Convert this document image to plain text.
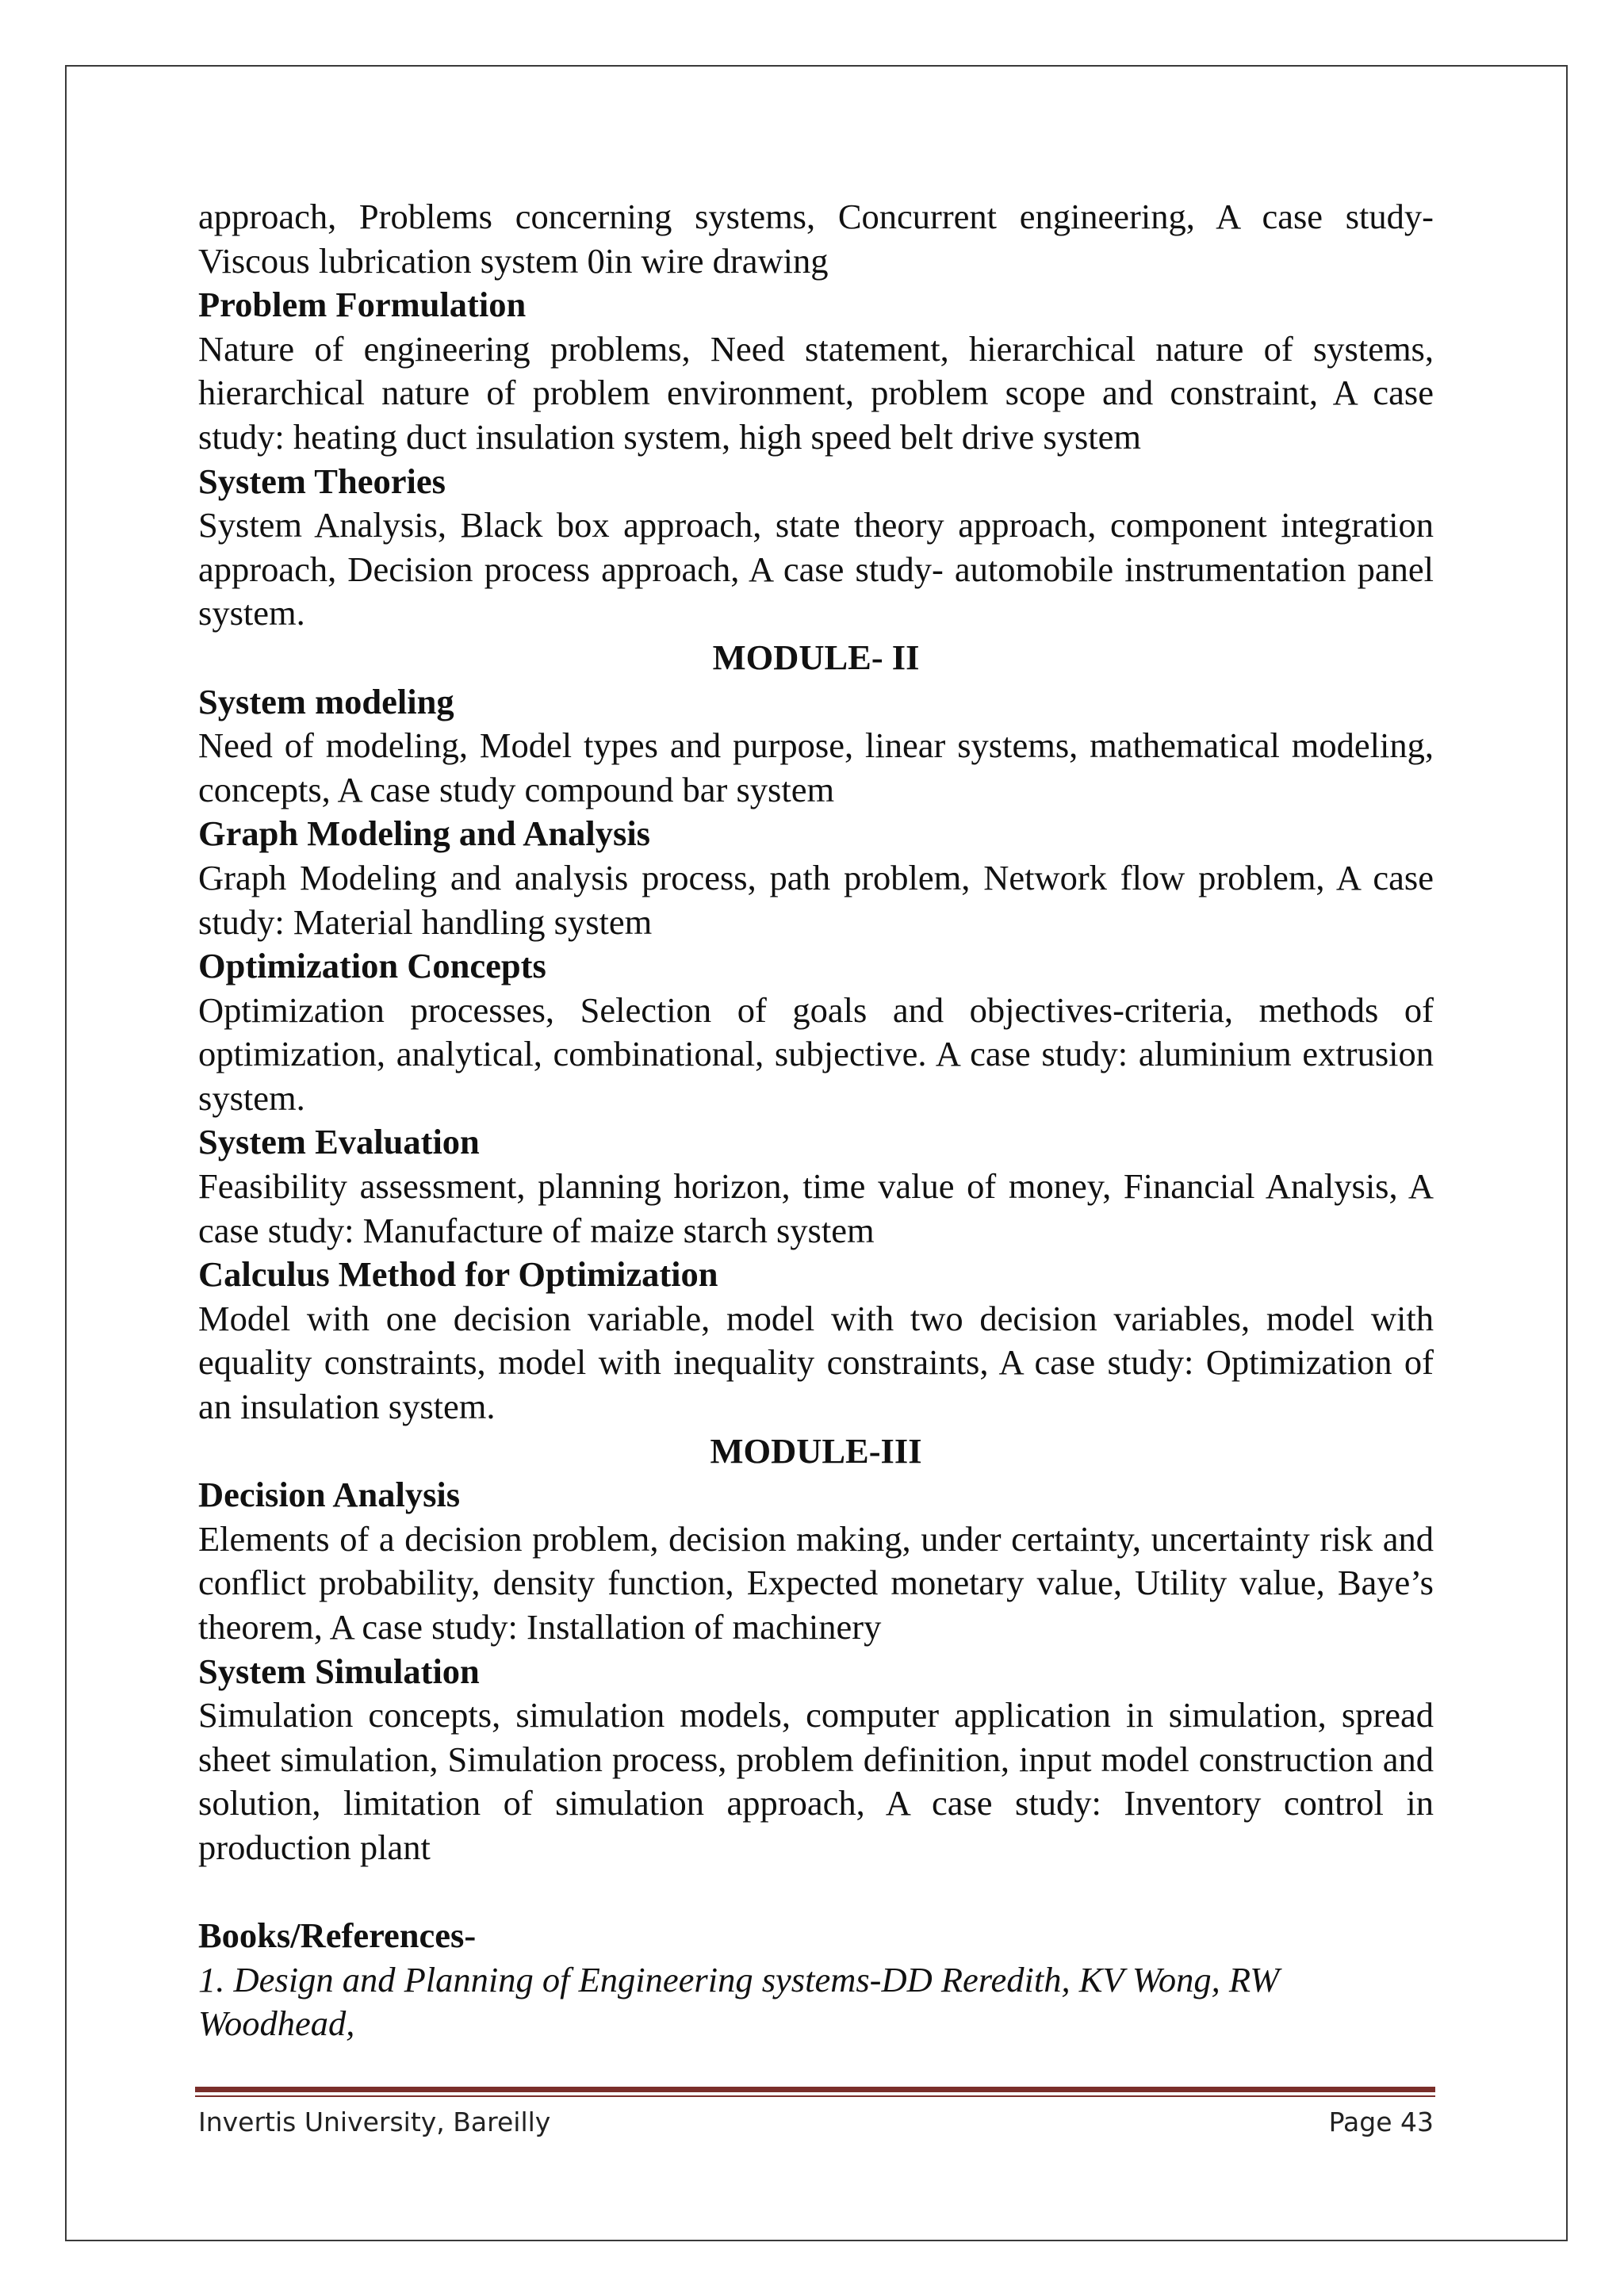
approach, Problems concerning systems, Concurrent engineering, A case study- Viscous lubrication system 0in wire drawing

Problem Formulation

Nature of engineering problems, Need statement, hierarchical nature of systems, hierarchical nature of problem environment, problem scope and constraint, A case study: heating duct insulation system, high speed belt drive system

System Theories

System Analysis, Black box approach, state theory approach, component integration approach, Decision process approach, A case study- automobile instrumentation panel system.

MODULE- II

System modeling

Need of modeling, Model types and purpose, linear systems, mathematical modeling, concepts, A case study compound bar system

Graph Modeling and Analysis

Graph Modeling and analysis process, path problem, Network flow problem, A case study: Material handling system

Optimization Concepts

Optimization processes, Selection of goals and objectives-criteria, methods of optimization, analytical, combinational, subjective. A case study: aluminium extrusion system.

System Evaluation

Feasibility assessment, planning horizon, time value of money, Financial Analysis, A case study: Manufacture of maize starch system

Calculus Method for Optimization

Model with one decision variable, model with two decision variables, model with equality constraints, model with inequality constraints, A case study: Optimization of an insulation system.

MODULE-III

Decision Analysis

Elements of a decision problem, decision making, under certainty, uncertainty risk and conflict probability, density function, Expected monetary value, Utility value, Baye’s theorem, A case study: Installation of machinery

System Simulation

Simulation concepts, simulation models, computer application in simulation, spread sheet simulation, Simulation process, problem definition, input model construction and solution, limitation of simulation approach, A case study: Inventory control in production plant

Books/References-

1. Design and Planning of Engineering systems-DD Reredith, KV Wong, RW Woodhead,

Invertis University, Bareilly	Page 43
